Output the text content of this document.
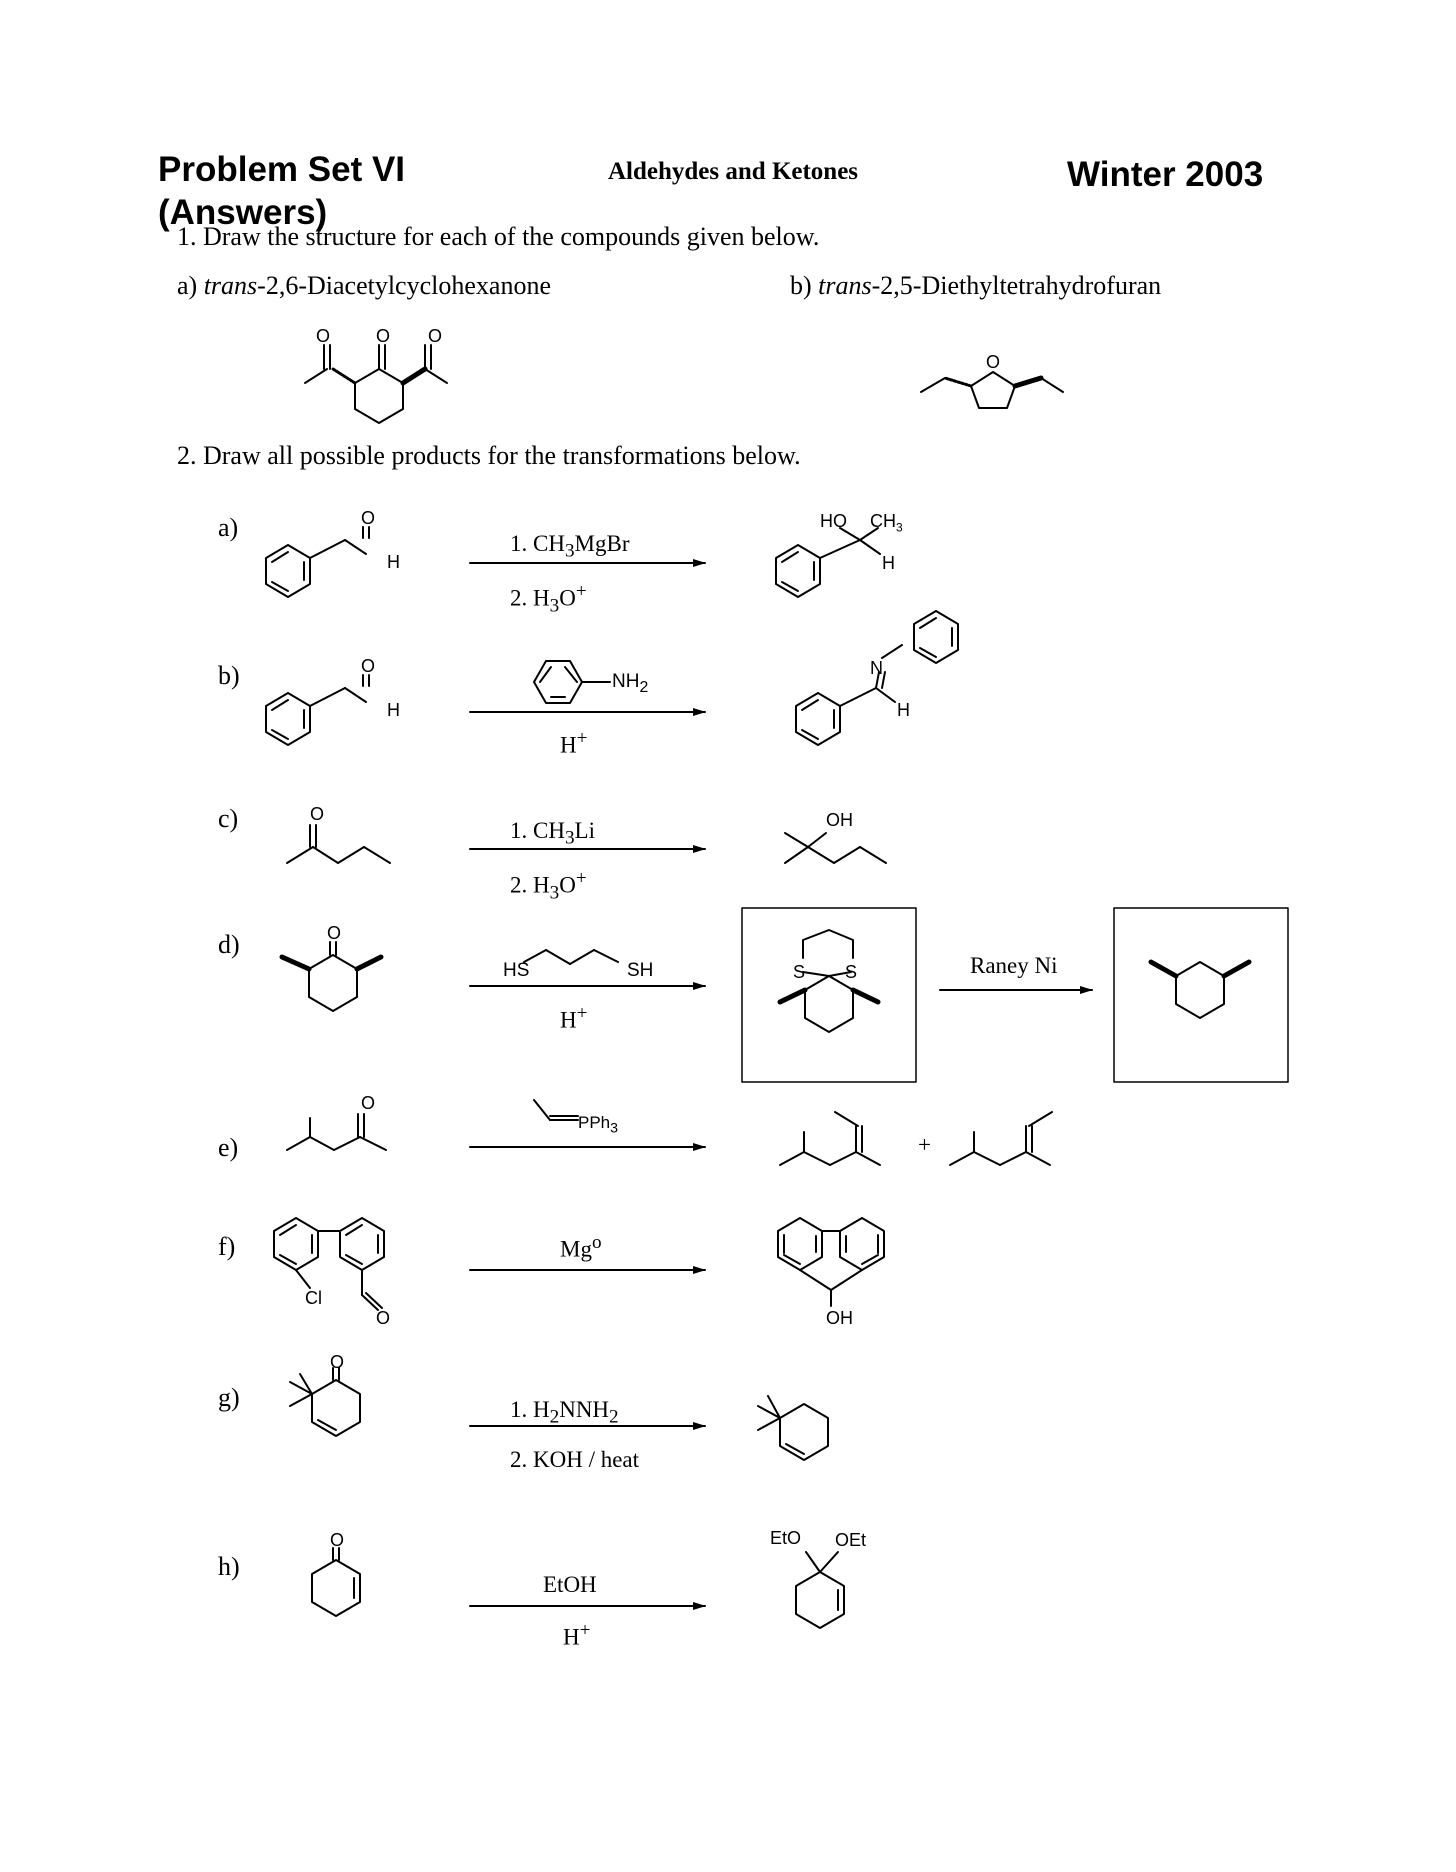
Problem Set VI
(Answers)
Aldehydes and Ketones	Winter 2003
1. Draw the structure for each of the compounds given below.
a) trans-2,6-Diacetylcyclohexanone	b) trans-2,5-Diethyltetrahydrofuran
2. Draw all possible products for the transformations below.
a)
b)
c)
d)
e)
f)
g)
h)
1. $CH_3MgBr$
2. $H_3O^+$
$NH_2$
H+
1. $CH_3Li$
2. $H_3O^+$
HS	SH
H+
Raney Ni
PPh$_3$
+
$Mg^o$
1. $H_2NNH_2$
2. KOH / heat
EtOH
H+
O	O O
O
O
H
HO $CH_3$
H
O
H
N
H
O	OH
O
S S
O
Cl
O	OH
O
O	EtO OEt
